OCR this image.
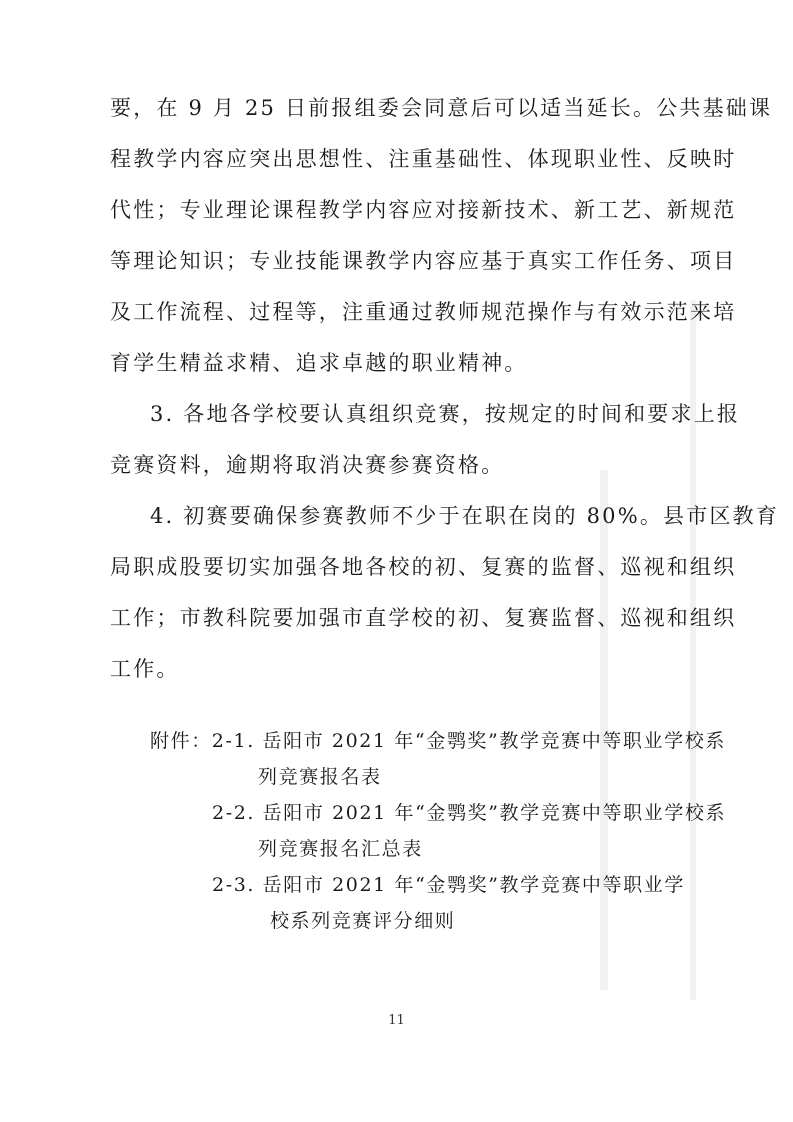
要，在 9 月 25 日前报组委会同意后可以适当延长。公共基础课
程教学内容应突出思想性、注重基础性、体现职业性、反映时
代性；专业理论课程教学内容应对接新技术、新工艺、新规范
等理论知识；专业技能课教学内容应基于真实工作任务、项目
及工作流程、过程等，注重通过教师规范操作与有效示范来培
育学生精益求精、追求卓越的职业精神。
3. 各地各学校要认真组织竞赛，按规定的时间和要求上报
竞赛资料，逾期将取消决赛参赛资格。
4. 初赛要确保参赛教师不少于在职在岗的 80%。县市区教育
局职成股要切实加强各地各校的初、复赛的监督、巡视和组织
工作；市教科院要加强市直学校的初、复赛监督、巡视和组织
工作。
附件：2-1. 岳阳市 2021 年“金鹗奖”教学竞赛中等职业学校系
列竞赛报名表
2-2. 岳阳市 2021 年“金鹗奖”教学竞赛中等职业学校系
列竞赛报名汇总表
2-3. 岳阳市 2021 年“金鹗奖”教学竞赛中等职业学
校系列竞赛评分细则
11
